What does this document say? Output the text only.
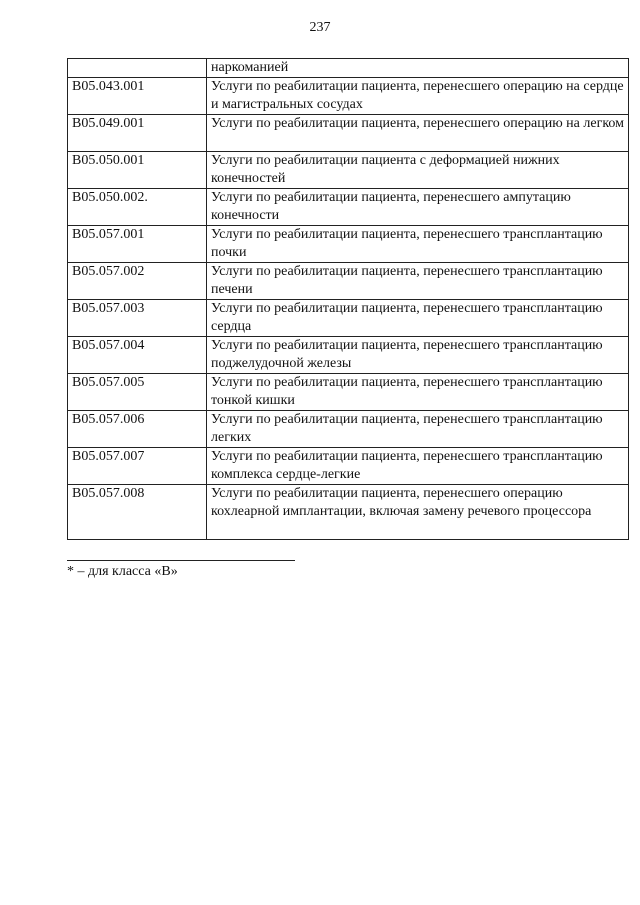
237
	наркоманией
B05.043.001	Услуги по реабилитации пациента, перенесшего операцию на сердце и магистральных сосудах
B05.049.001	Услуги по реабилитации пациента, перенесшего операцию на легком
B05.050.001	Услуги по реабилитации пациента с деформацией нижних конечностей
B05.050.002.	Услуги по реабилитации пациента, перенесшего ампутацию конечности
B05.057.001	Услуги по реабилитации пациента, перенесшего трансплантацию почки
B05.057.002	Услуги по реабилитации пациента, перенесшего трансплантацию печени
B05.057.003	Услуги по реабилитации пациента, перенесшего трансплантацию сердца
B05.057.004	Услуги по реабилитации пациента, перенесшего трансплантацию поджелудочной железы
B05.057.005	Услуги по реабилитации пациента, перенесшего трансплантацию тонкой кишки
B05.057.006	Услуги по реабилитации пациента, перенесшего трансплантацию легких
B05.057.007	Услуги по реабилитации пациента, перенесшего трансплантацию комплекса сердце-легкие
B05.057.008	Услуги по реабилитации пациента, перенесшего операцию кохлеарной имплантации, включая замену речевого процессора
* – для класса «В»
